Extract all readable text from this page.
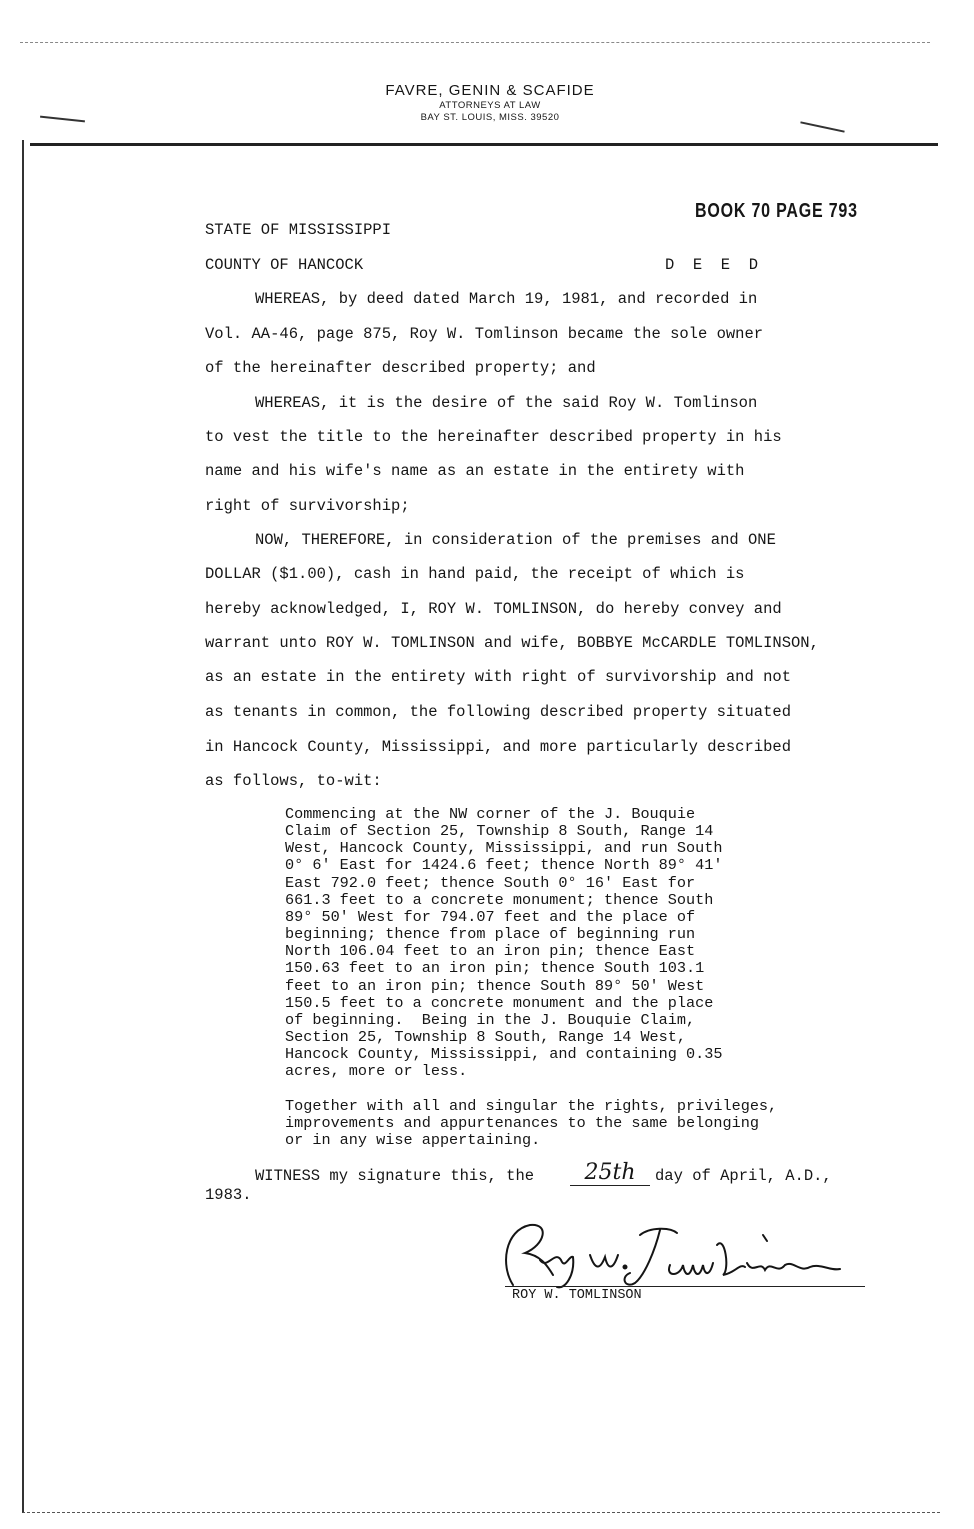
FAVRE, GENIN & SCAFIDE
ATTORNEYS AT LAW
BAY ST. LOUIS, MISS. 39520
BOOK 70 PAGE 793
STATE OF MISSISSIPPI
COUNTY OF HANCOCK	D  E  E  D
WHEREAS, by deed dated March 19, 1981, and recorded in
Vol. AA-46, page 875, Roy W. Tomlinson became the sole owner
of the hereinafter described property; and
WHEREAS, it is the desire of the said Roy W. Tomlinson
to vest the title to the hereinafter described property in his
name and his wife's name as an estate in the entirety with
right of survivorship;
NOW, THEREFORE, in consideration of the premises and ONE
DOLLAR ($1.00), cash in hand paid, the receipt of which is
hereby acknowledged, I, ROY W. TOMLINSON, do hereby convey and
warrant unto ROY W. TOMLINSON and wife, BOBBYE McCARDLE TOMLINSON,
as an estate in the entirety with right of survivorship and not
as tenants in common, the following described property situated
in Hancock County, Mississippi, and more particularly described
as follows, to-wit:
Commencing at the NW corner of the J. Bouquie
Claim of Section 25, Township 8 South, Range 14
West, Hancock County, Mississippi, and run South
0° 6' East for 1424.6 feet; thence North 89° 41'
East 792.0 feet; thence South 0° 16' East for
661.3 feet to a concrete monument; thence South
89° 50' West for 794.07 feet and the place of
beginning; thence from place of beginning run
North 106.04 feet to an iron pin; thence East
150.63 feet to an iron pin; thence South 103.1
feet to an iron pin; thence South 89° 50' West
150.5 feet to a concrete monument and the place
of beginning.  Being in the J. Bouquie Claim,
Section 25, Township 8 South, Range 14 West,
Hancock County, Mississippi, and containing 0.35
acres, more or less.
Together with all and singular the rights, privileges,
improvements and appurtenances to the same belonging
or in any wise appertaining.
WITNESS my signature this, the	25th	day of April, A.D.,
1983.
ROY W. TOMLINSON
